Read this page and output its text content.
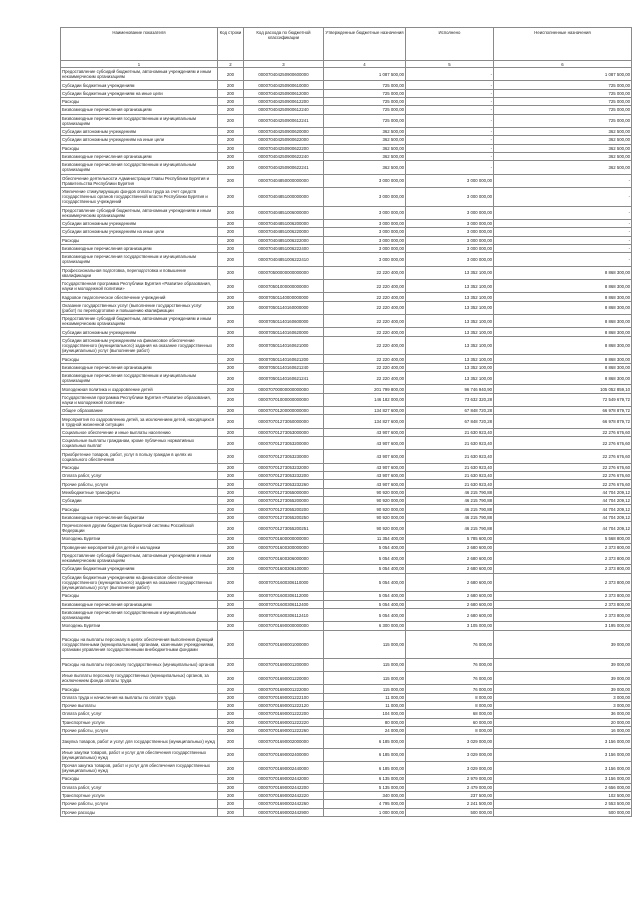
Наименование показателя	Код строки	Код расхода по бюджетной классификации	Утвержденные бюджетные назначения	Исполнено	Неисполненные назначения
1	2	3	4	5	6
Предоставление субсидий бюджетным, автономным учреждениям и иным некоммерческим организациям	200	000070404250900600000	1 087 500,00	-	1 087 500,00
Субсидии бюджетным учреждениям	200	000070404250900610000	725 000,00	-	725 000,00
Субсидии бюджетным учреждениям на иные цели	200	000070404250900612000	725 000,00	-	725 000,00
Расходы	200	000070404250900612200	725 000,00	-	725 000,00
Безвозмездные перечисления организациям	200	000070404250900612240	725 000,00	-	725 000,00
Безвозмездные перечисления государственным и муниципальным организациям	200	000070404250900612241	725 000,00	-	725 000,00
Субсидии автономным учреждениям	200	000070404250900620000	362 500,00	-	362 500,00
Субсидии автономным учреждениям на иные цели	200	000070404250900622000	362 500,00	-	362 500,00
Расходы	200	000070404250900622200	362 500,00	-	362 500,00
Безвозмездные перечисления организациям	200	000070404250900622240	362 500,00	-	362 500,00
Безвозмездные перечисления государственным и муниципальным организациям	200	000070404250900622241	362 500,00	-	362 500,00
Обеспечение деятельности Администрации Главы Республики Бурятия и Правительства Республики Бурятия	200	000070404850000000000	3 000 000,00	3 000 000,00	-
Увеличение стимулирующих фондов оплаты труда за счет средств государственных органов государственной власти Республики Бурятия и государственных учреждений	200	000070404851000000000	3 000 000,00	3 000 000,00	-
Предоставление субсидий бюджетным, автономным учреждениям и иным некоммерческим организациям	200	000070404851006000000	3 000 000,00	3 000 000,00	-
Субсидии автономным учреждениям	200	000070404851006200000	3 000 000,00	3 000 000,00	-
Субсидии автономным учреждениям на иные цели	200	000070404851006220000	3 000 000,00	3 000 000,00	-
Расходы	200	000070404851006222000	3 000 000,00	3 000 000,00	-
Безвозмездные перечисления организациям	200	000070404851006222400	3 000 000,00	3 000 000,00	-
Безвозмездные перечисления государственным и муниципальным организациям	200	000070404851006222410	3 000 000,00	3 000 000,00	-
Профессиональная подготовка, переподготовка и повышение квалификации	200	000070500000000000000	22 220 400,00	13 352 100,00	8 868 300,00
Государственная программа Республики Бурятия «Развитие образования, науки и молодежной политики»	200	000070501000000000000	22 220 400,00	13 352 100,00	8 868 300,00
Кадровое педагогическое обеспечение учреждений	200	000070501140000000000	22 220 400,00	13 352 100,00	8 868 300,00
Оказание государственных услуг (выполнение государственных услуг (работ) по переподготовке и повышению квалификации	200	000070501140160000000	22 220 400,00	13 352 100,00	8 868 300,00
Предоставление субсидий бюджетным, автономным учреждениям и иным некоммерческим организациям	200	000070501140160600000	22 220 400,00	13 352 100,00	8 868 300,00
Субсидии автономным учреждениям	200	000070501140160620000	22 220 400,00	13 352 100,00	8 868 300,00
Субсидии автономным учреждениям на финансовое обеспечение государственного (муниципального) задания на оказание государственных (муниципальных) услуг (выполнение работ)	200	000070501140160621000	22 220 400,00	13 352 100,00	8 868 300,00
Расходы	200	000070501140160621200	22 220 400,00	13 352 100,00	8 868 300,00
Безвозмездные перечисления организациям	200	000070501140160621240	22 220 400,00	13 352 100,00	8 868 300,00
Безвозмездные перечисления государственным и муниципальным организациям	200	000070501140160621241	22 220 400,00	13 352 100,00	8 868 300,00
Молодежная политика и оздоровление детей	200	000070700000000000000	201 799 800,00	96 746 940,90	105 052 859,10
Государственная программа Республики Бурятия «Развитие образования, науки и молодежной политики»	200	000070701000000000000	146 182 000,00	73 632 320,28	72 549 679,72
Общее образование	200	000070701200000000000	134 827 600,00	67 848 720,28	66 978 879,72
Мероприятия по оздоровлению детей, за исключением детей, находящихся в трудной жизненной ситуации	200	000070701273050000000	134 827 600,00	67 848 720,28	66 978 879,72
Социальное обеспечение и иные выплаты населению	200	000070701273053000000	43 907 600,00	21 630 923,40	22 276 676,60
Социальные выплаты гражданам, кроме публичных нормативных социальных выплат	200	000070701273053200000	43 907 600,00	21 630 923,40	22 276 676,60
Приобретение товаров, работ, услуг в пользу граждан в целях их социального обеспечения	200	000070701273053230000	43 907 600,00	21 630 923,40	22 276 676,60
Расходы	200	000070701273053232000	43 907 600,00	21 630 923,40	22 276 676,60
Оплата работ, услуг	200	000070701273053232200	43 907 600,00	21 630 923,40	22 276 676,60
Прочие работы, услуги	200	000070701273053232260	43 907 600,00	21 630 923,40	22 276 676,60
Межбюджетные трансферты	200	000070701273055000000	90 920 000,00	46 215 790,88	44 704 209,12
Субсидии	200	000070701273055200000	90 920 000,00	46 215 790,88	44 704 209,12
Расходы	200	000070701273055200200	90 920 000,00	46 215 790,88	44 704 209,12
Безвозмездные перечисления бюджетам	200	000070701273055200250	90 920 000,00	46 215 790,88	44 704 209,12
Перечисления другим бюджетам бюджетной системы Российской Федерации	200	000070701273055200251	90 920 000,00	46 215 790,88	44 704 209,12
Молодежь Бурятии	200	000070701600000000000	11 354 400,00	5 785 600,00	5 568 800,00
Проведение мероприятий для детей и молодежи	200	000070701600300000000	5 054 400,00	2 680 600,00	2 373 800,00
Предоставление субсидий бюджетным, автономным учреждениям и иным некоммерческим организациям	200	000070701600306000000	5 054 400,00	2 680 600,00	2 373 800,00
Субсидии бюджетным учреждениям	200	000070701600306100000	5 054 400,00	2 680 600,00	2 373 800,00
Субсидии бюджетным учреждениям на финансовое обеспечение государственного (муниципального) задания на оказание государственных (муниципальных) услуг (выполнение работ)	200	000070701600306110000	5 054 400,00	2 680 600,00	2 373 800,00
Расходы	200	000070701600306112000	5 054 400,00	2 680 600,00	2 373 800,00
Безвозмездные перечисления организациям	200	000070701600306112400	5 054 400,00	2 680 600,00	2 373 800,00
Безвозмездные перечисления государственным и муниципальным организациям	200	000070701600306112410	5 054 400,00	2 680 600,00	2 373 800,00
Молодежь Бурятии	200	000070701690000000000	6 300 000,00	3 105 000,00	3 195 000,00
Расходы на выплаты персоналу в целях обеспечения выполнения функций государственными (муниципальными) органами, казенными учреждениями, органами управления государственными внебюджетными фондами	200	000070701690001000000	115 000,00	76 000,00	39 000,00
Расходы на выплаты персоналу государственных (муниципальных) органов	200	000070701690001200000	115 000,00	76 000,00	39 000,00
Иные выплаты персоналу государственных (муниципальных) органов, за исключением фонда оплаты труда	200	000070701690001220000	115 000,00	76 000,00	39 000,00
Расходы	200	000070701690001222000	115 000,00	76 000,00	39 000,00
Оплата труда и начисления на выплаты по оплате труда	200	000070701690001222100	11 000,00	8 000,00	3 000,00
Прочие выплаты	200	000070701690001222120	11 000,00	8 000,00	3 000,00
Оплата работ, услуг	200	000070701690001222200	104 000,00	68 000,00	36 000,00
Транспортные услуги	200	000070701690001222220	80 000,00	60 000,00	20 000,00
Прочие работы, услуги	200	000070701690001222260	24 000,00	8 000,00	16 000,00
Закупка товаров, работ и услуг для государственных (муниципальных) нужд	200	000070701690002000000	6 185 000,00	3 029 000,00	3 156 000,00
Иные закупки товаров, работ и услуг для обеспечения государственных (муниципальных) нужд	200	000070701690002400000	6 185 000,00	3 029 000,00	3 156 000,00
Прочая закупка товаров, работ и услуг для обеспечения государственных (муниципальных) нужд	200	000070701690002440000	6 185 000,00	3 029 000,00	3 156 000,00
Расходы	200	000070701690002442000	6 135 000,00	2 979 000,00	3 156 000,00
Оплата работ, услуг	200	000070701690002442200	5 135 000,00	2 479 000,00	2 656 000,00
Транспортные услуги	200	000070701690002442220	340 000,00	237 500,00	102 500,00
Прочие работы, услуги	200	000070701690002442260	4 795 000,00	2 241 500,00	2 553 500,00
Прочие расходы	200	000070701690002442900	1 000 000,00	500 000,00	500 000,00
